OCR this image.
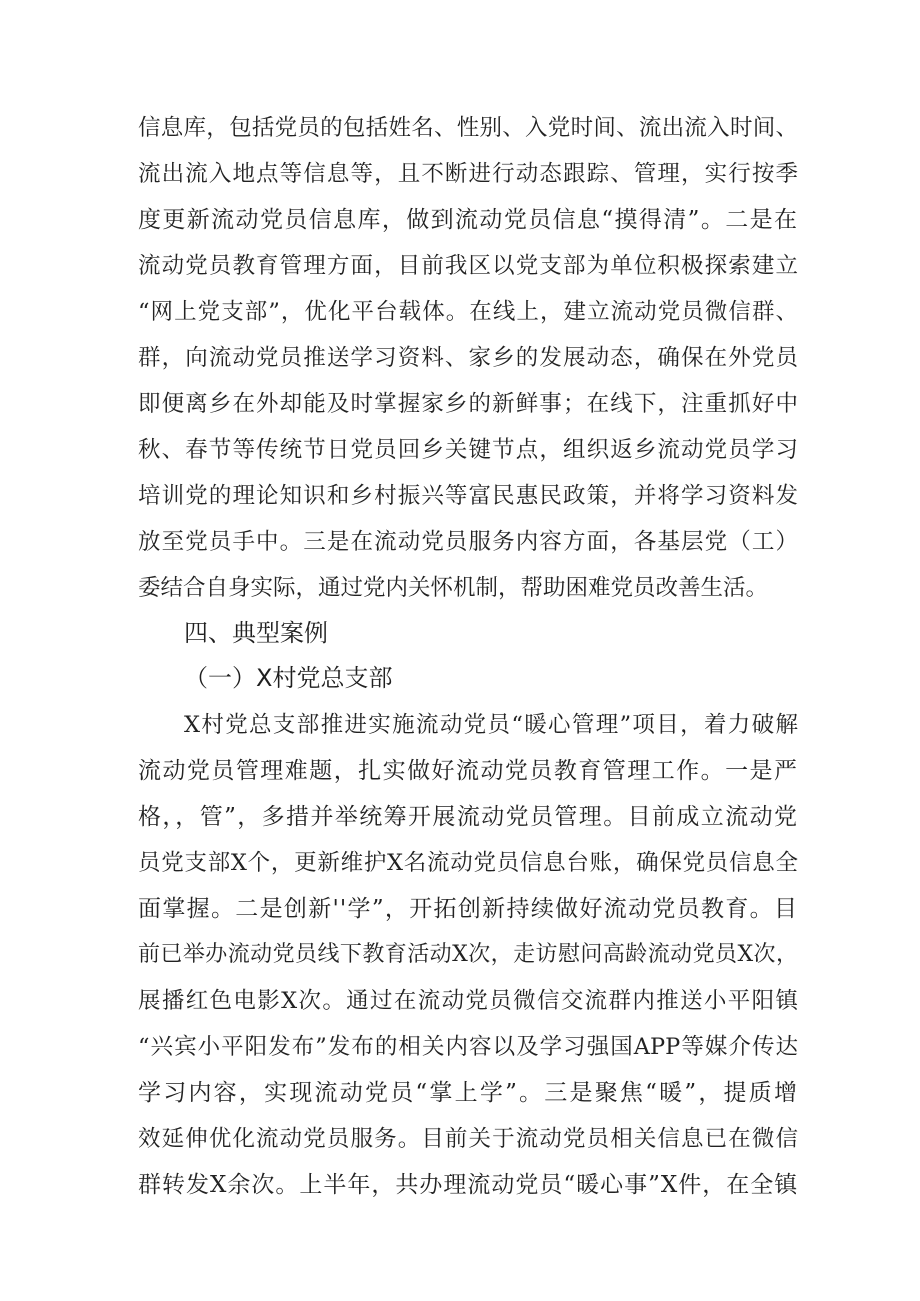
信息库，包括党员的包括姓名、性别、入党时间、流出流入时间、
流出流入地点等信息等，且不断进行动态跟踪、管理，实行按季
度更新流动党员信息库，做到流动党员信息“摸得清”。二是在
流动党员教育管理方面，目前我区以党支部为单位积极探索建立
“网上党支部”，优化平台载体。在线上，建立流动党员微信群、
群，向流动党员推送学习资料、家乡的发展动态，确保在外党员
即便离乡在外却能及时掌握家乡的新鲜事；在线下，注重抓好中
秋、春节等传统节日党员回乡关键节点，组织返乡流动党员学习
培训党的理论知识和乡村振兴等富民惠民政策，并将学习资料发
放至党员手中。三是在流动党员服务内容方面，各基层党（工）
委结合自身实际，通过党内关怀机制，帮助困难党员改善生活。
四、典型案例
（一）X村党总支部
X村党总支部推进实施流动党员“暖心管理”项目，着力破解
流动党员管理难题，扎实做好流动党员教育管理工作。一是严
格，，管”，多措并举统筹开展流动党员管理。目前成立流动党
员党支部X个，更新维护X名流动党员信息台账，确保党员信息全
面掌握。二是创新''学”，开拓创新持续做好流动党员教育。目
前已举办流动党员线下教育活动X次，走访慰问高龄流动党员X次，
展播红色电影X次。通过在流动党员微信交流群内推送小平阳镇
“兴宾小平阳发布”发布的相关内容以及学习强国APP等媒介传达
学习内容，实现流动党员“掌上学”。三是聚焦“暖”，提质增
效延伸优化流动党员服务。目前关于流动党员相关信息已在微信
群转发X余次。上半年，共办理流动党员“暖心事”X件，在全镇
